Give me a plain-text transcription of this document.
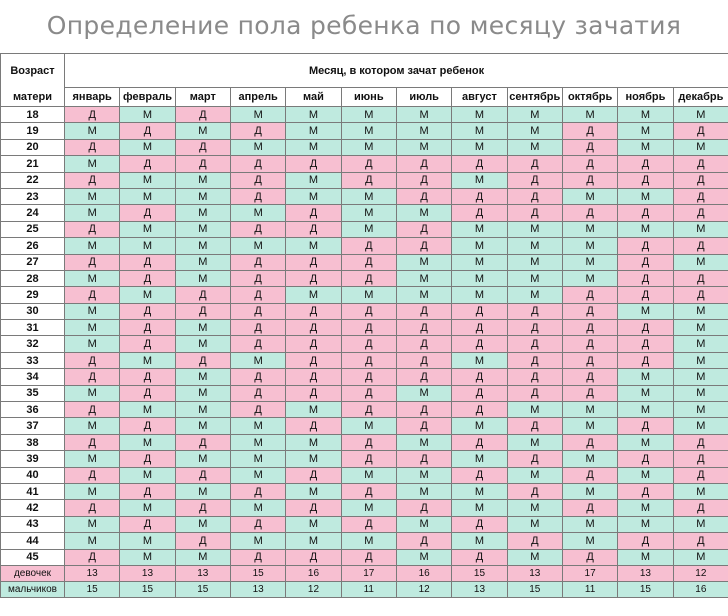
Определение пола ребенка по месяцу зачатия
Возраст	Месяц, в котором зачат ребенок											
матери	январь	февраль	март	апрель	май	июнь	июль	август	сентябрь	октябрь	ноябрь	декабрь
18	Д	М	Д	М	М	М	М	М	М	М	М	М
19	М	Д	М	Д	М	М	М	М	М	Д	М	Д
20	Д	М	Д	М	М	М	М	М	М	Д	М	М
21	М	Д	Д	Д	Д	Д	Д	Д	Д	Д	Д	Д
22	Д	М	М	Д	М	Д	Д	М	Д	Д	Д	Д
23	М	М	М	Д	М	М	Д	Д	Д	М	М	Д
24	М	Д	М	М	Д	М	М	Д	Д	Д	Д	Д
25	Д	М	М	Д	Д	М	Д	М	М	М	М	М
26	М	М	М	М	М	Д	Д	М	М	М	Д	Д
27	Д	Д	М	Д	Д	Д	М	М	М	М	Д	М
28	М	Д	М	Д	Д	Д	М	М	М	М	Д	Д
29	Д	М	Д	Д	М	М	М	М	М	Д	Д	Д
30	М	Д	Д	Д	Д	Д	Д	Д	Д	Д	М	М
31	М	Д	М	Д	Д	Д	Д	Д	Д	Д	Д	М
32	М	Д	М	Д	Д	Д	Д	Д	Д	Д	Д	М
33	Д	М	Д	М	Д	Д	Д	М	Д	Д	Д	М
34	Д	Д	М	Д	Д	Д	Д	Д	Д	Д	М	М
35	М	Д	М	Д	Д	Д	М	Д	Д	Д	М	М
36	Д	М	М	Д	М	Д	Д	Д	М	М	М	М
37	М	Д	М	М	Д	М	Д	М	Д	М	Д	М
38	Д	М	Д	М	М	Д	М	Д	М	Д	М	Д
39	М	Д	М	М	М	Д	Д	М	Д	М	Д	Д
40	Д	М	Д	М	Д	М	М	Д	М	Д	М	Д
41	М	Д	М	Д	М	Д	М	М	Д	М	Д	М
42	Д	М	Д	М	Д	М	Д	М	М	Д	М	Д
43	М	Д	М	Д	М	Д	М	Д	М	М	М	М
44	М	М	Д	М	М	М	Д	М	Д	М	Д	Д
45	Д	М	М	Д	Д	Д	М	Д	М	Д	М	М
девочек	13	13	13	15	16	17	16	15	13	17	13	12
мальчиков	15	15	15	13	12	11	12	13	15	11	15	16
